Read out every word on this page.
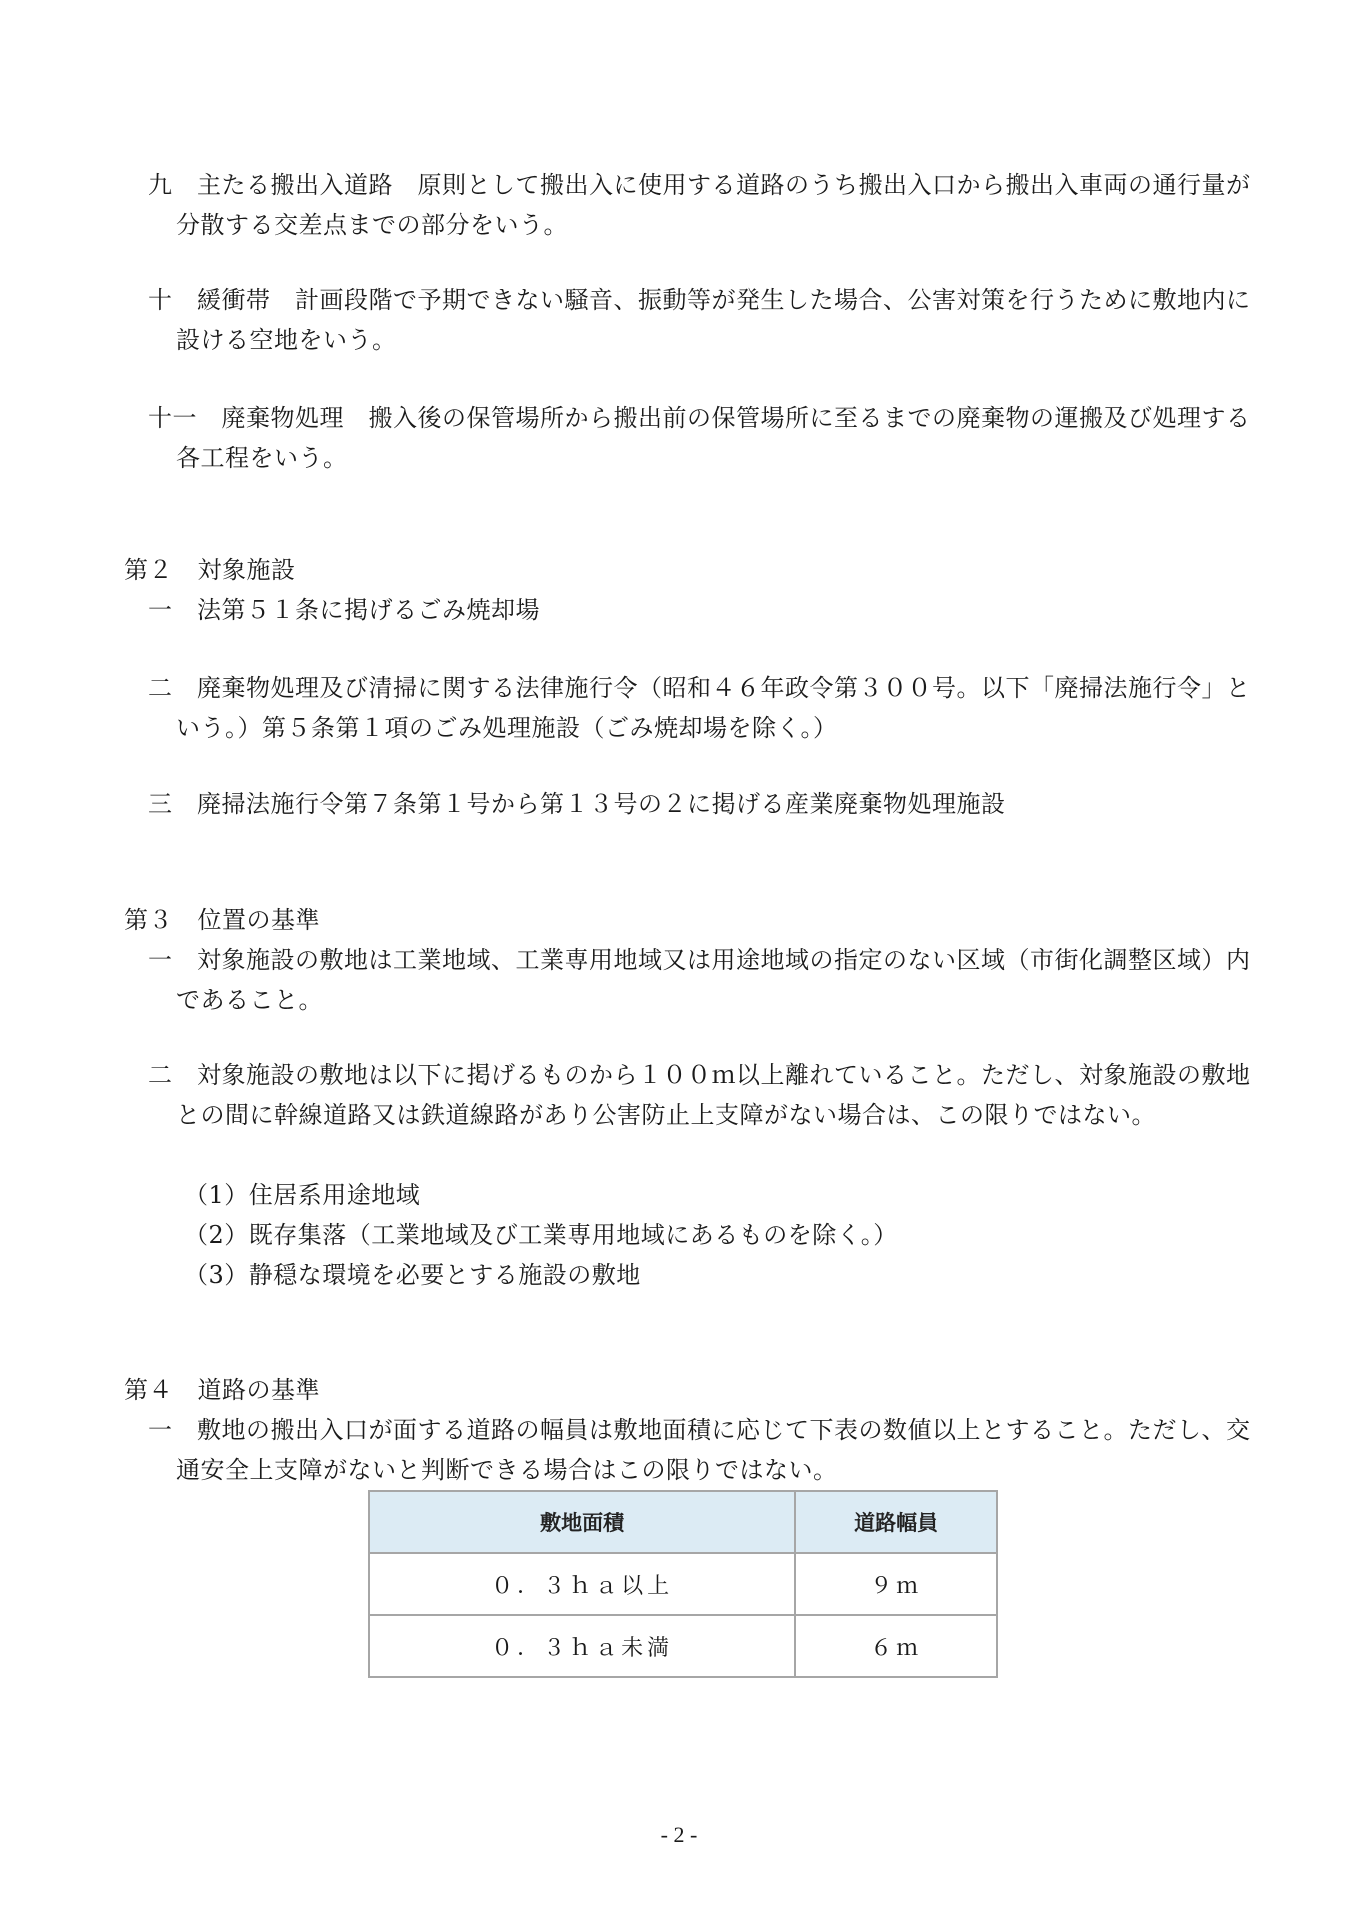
九　主たる搬出入道路　原則として搬出入に使用する道路のうち搬出入口から搬出入車両の通行量が分散する交差点までの部分をいう。
十　緩衝帯　計画段階で予期できない騒音、振動等が発生した場合、公害対策を行うために敷地内に設ける空地をいう。
十一　廃棄物処理　搬入後の保管場所から搬出前の保管場所に至るまでの廃棄物の運搬及び処理する各工程をいう。
第２　対象施設
一　法第５１条に掲げるごみ焼却場
二　廃棄物処理及び清掃に関する法律施行令（昭和４６年政令第３００号。以下「廃掃法施行令」という。）第５条第１項のごみ処理施設（ごみ焼却場を除く。）
三　廃掃法施行令第７条第１号から第１３号の２に掲げる産業廃棄物処理施設
第３　位置の基準
一　対象施設の敷地は工業地域、工業専用地域又は用途地域の指定のない区域（市街化調整区域）内であること。
二　対象施設の敷地は以下に掲げるものから１００ｍ以上離れていること。ただし、対象施設の敷地との間に幹線道路又は鉄道線路があり公害防止上支障がない場合は、この限りではない。
（1）住居系用途地域
（2）既存集落（工業地域及び工業専用地域にあるものを除く。）
（3）静穏な環境を必要とする施設の敷地
第４　道路の基準
一　敷地の搬出入口が面する道路の幅員は敷地面積に応じて下表の数値以上とすること。ただし、交通安全上支障がないと判断できる場合はこの限りではない。
敷地面積	道路幅員
０．３ｈａ以上	９ｍ
０．３ｈａ未満	６ｍ
- 2 -
